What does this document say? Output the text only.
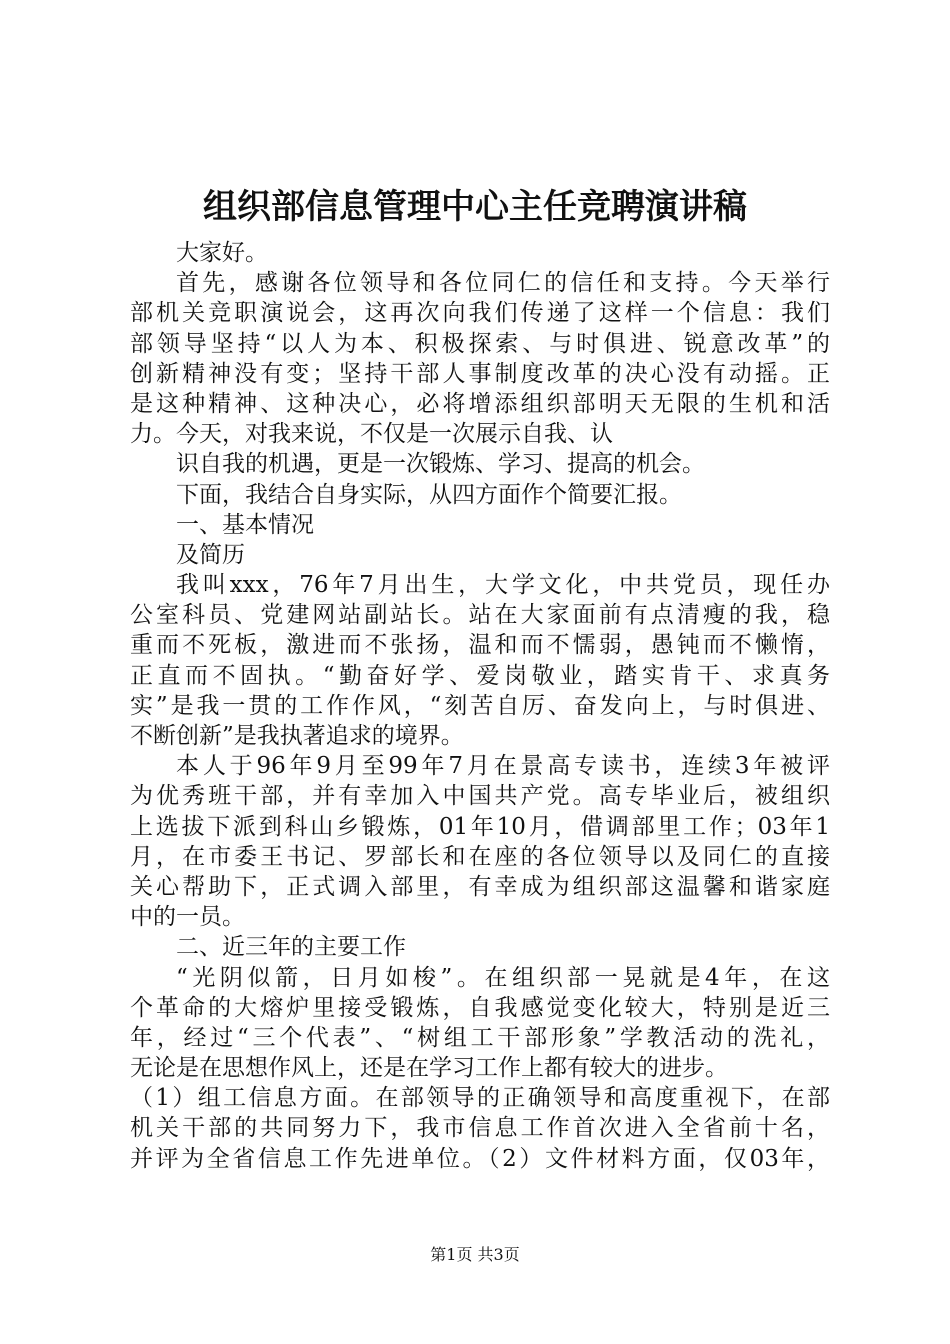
组织部信息管理中心主任竞聘演讲稿
大家好。
首先，感谢各位领导和各位同仁的信任和支持。今天举行
部机关竞职演说会，这再次向我们传递了这样一个信息：我们
部领导坚持“以人为本、积极探索、与时俱进、锐意改革”的
创新精神没有变；坚持干部人事制度改革的决心没有动摇。正
是这种精神、这种决心，必将增添组织部明天无限的生机和活
力。今天，对我来说，不仅是一次展示自我、认
识自我的机遇，更是一次锻炼、学习、提高的机会。
下面，我结合自身实际，从四方面作个简要汇报。
一、基本情况
及简历
我叫xxx，76年7月出生，大学文化，中共党员，现任办
公室科员、党建网站副站长。站在大家面前有点清瘦的我，稳
重而不死板，激进而不张扬，温和而不懦弱，愚钝而不懒惰，
正直而不固执。“勤奋好学、爱岗敬业，踏实肯干、求真务
实”是我一贯的工作作风，“刻苦自厉、奋发向上，与时俱进、
不断创新”是我执著追求的境界。
本人于96年9月至99年7月在景高专读书，连续3年被评
为优秀班干部，并有幸加入中国共产党。高专毕业后，被组织
上选拔下派到科山乡锻炼，01年10月，借调部里工作；03年1
月，在市委王书记、罗部长和在座的各位领导以及同仁的直接
关心帮助下，正式调入部里，有幸成为组织部这温馨和谐家庭
中的一员。
二、近三年的主要工作
“光阴似箭，日月如梭”。在组织部一晃就是4年，在这
个革命的大熔炉里接受锻炼，自我感觉变化较大，特别是近三
年，经过“三个代表”、“树组工干部形象”学教活动的洗礼，
无论是在思想作风上，还是在学习工作上都有较大的进步。
（1）组工信息方面。在部领导的正确领导和高度重视下，在部
机关干部的共同努力下，我市信息工作首次进入全省前十名，
并评为全省信息工作先进单位。（2）文件材料方面，仅03年，
第1页 共3页
